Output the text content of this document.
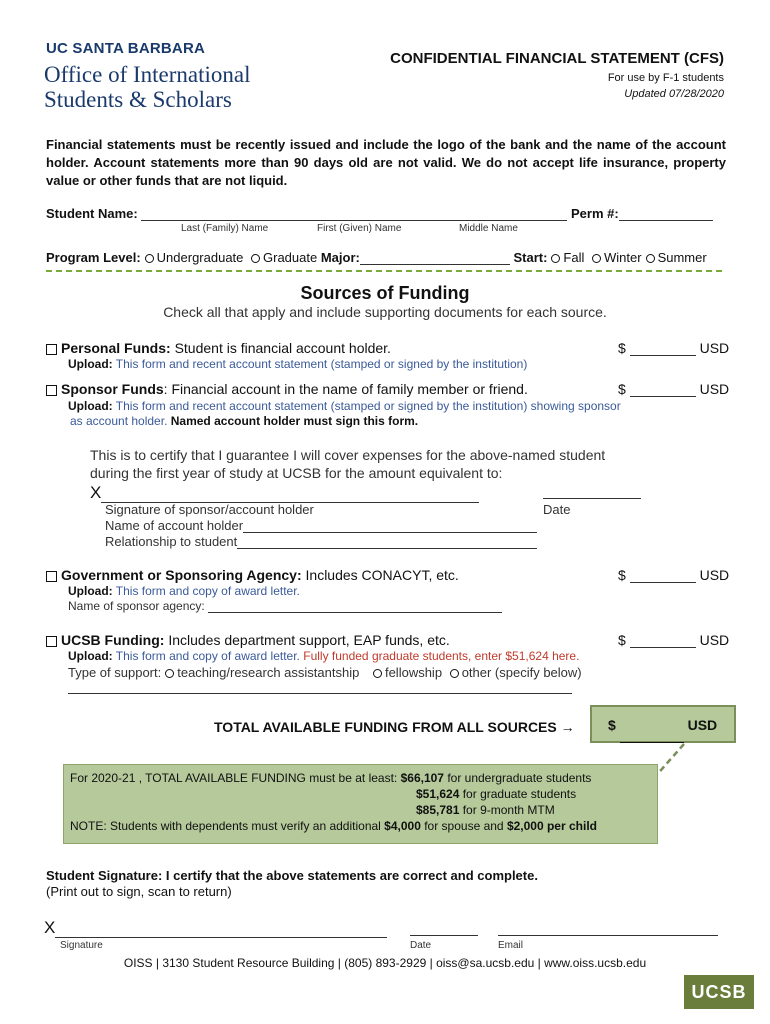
UC SANTA BARBARA
Office of International
Students & Scholars
CONFIDENTIAL FINANCIAL STATEMENT (CFS)
For use by F-1 students
Updated 07/28/2020
Financial statements must be recently issued and include the logo of the bank and the name of the account holder. Account statements more than 90 days old are not valid. We do not accept life insurance, property value or other funds that are not liquid.
Student Name:	Perm #:
Last (Family) Name	First (Given) Name	Middle Name
Program Level: Undergraduate Graduate Major:	Start: Fall Winter Summer
Sources of Funding
Check all that apply and include supporting documents for each source.
Personal Funds: Student is financial account holder.	$	USD
Upload: This form and recent account statement (stamped or signed by the institution)
Sponsor Funds: Financial account in the name of family member or friend.	$	USD
Upload: This form and recent account statement (stamped or signed by the institution) showing sponsor
as account holder. Named account holder must sign this form.
This is to certify that I guarantee I will cover expenses for the above-named student
during the first year of study at UCSB for the amount equivalent to:
X
Signature of sponsor/account holder	Date
Name of account holder
Relationship to student
Government or Sponsoring Agency: Includes CONACYT, etc.	$	USD
Upload: This form and copy of award letter.
Name of sponsor agency:
UCSB Funding: Includes department support, EAP funds, etc.	$	USD
Upload: This form and copy of award letter. Fully funded graduate students, enter $51,624 here.
Type of support: teaching/research assistantship fellowship other (specify below)
TOTAL AVAILABLE FUNDING FROM ALL SOURCES →	$	USD
For 2020-21 , TOTAL AVAILABLE FUNDING must be at least: $66,107 for undergraduate students
$51,624 for graduate students
$85,781 for 9-month MTM
NOTE: Students with dependents must verify an additional $4,000 for spouse and $2,000 per child
Student Signature: I certify that the above statements are correct and complete.
(Print out to sign, scan to return)
X
Signature	Date	Email
OISS | 3130 Student Resource Building | (805) 893-2929 | oiss@sa.ucsb.edu | www.oiss.ucsb.edu
UCSB
